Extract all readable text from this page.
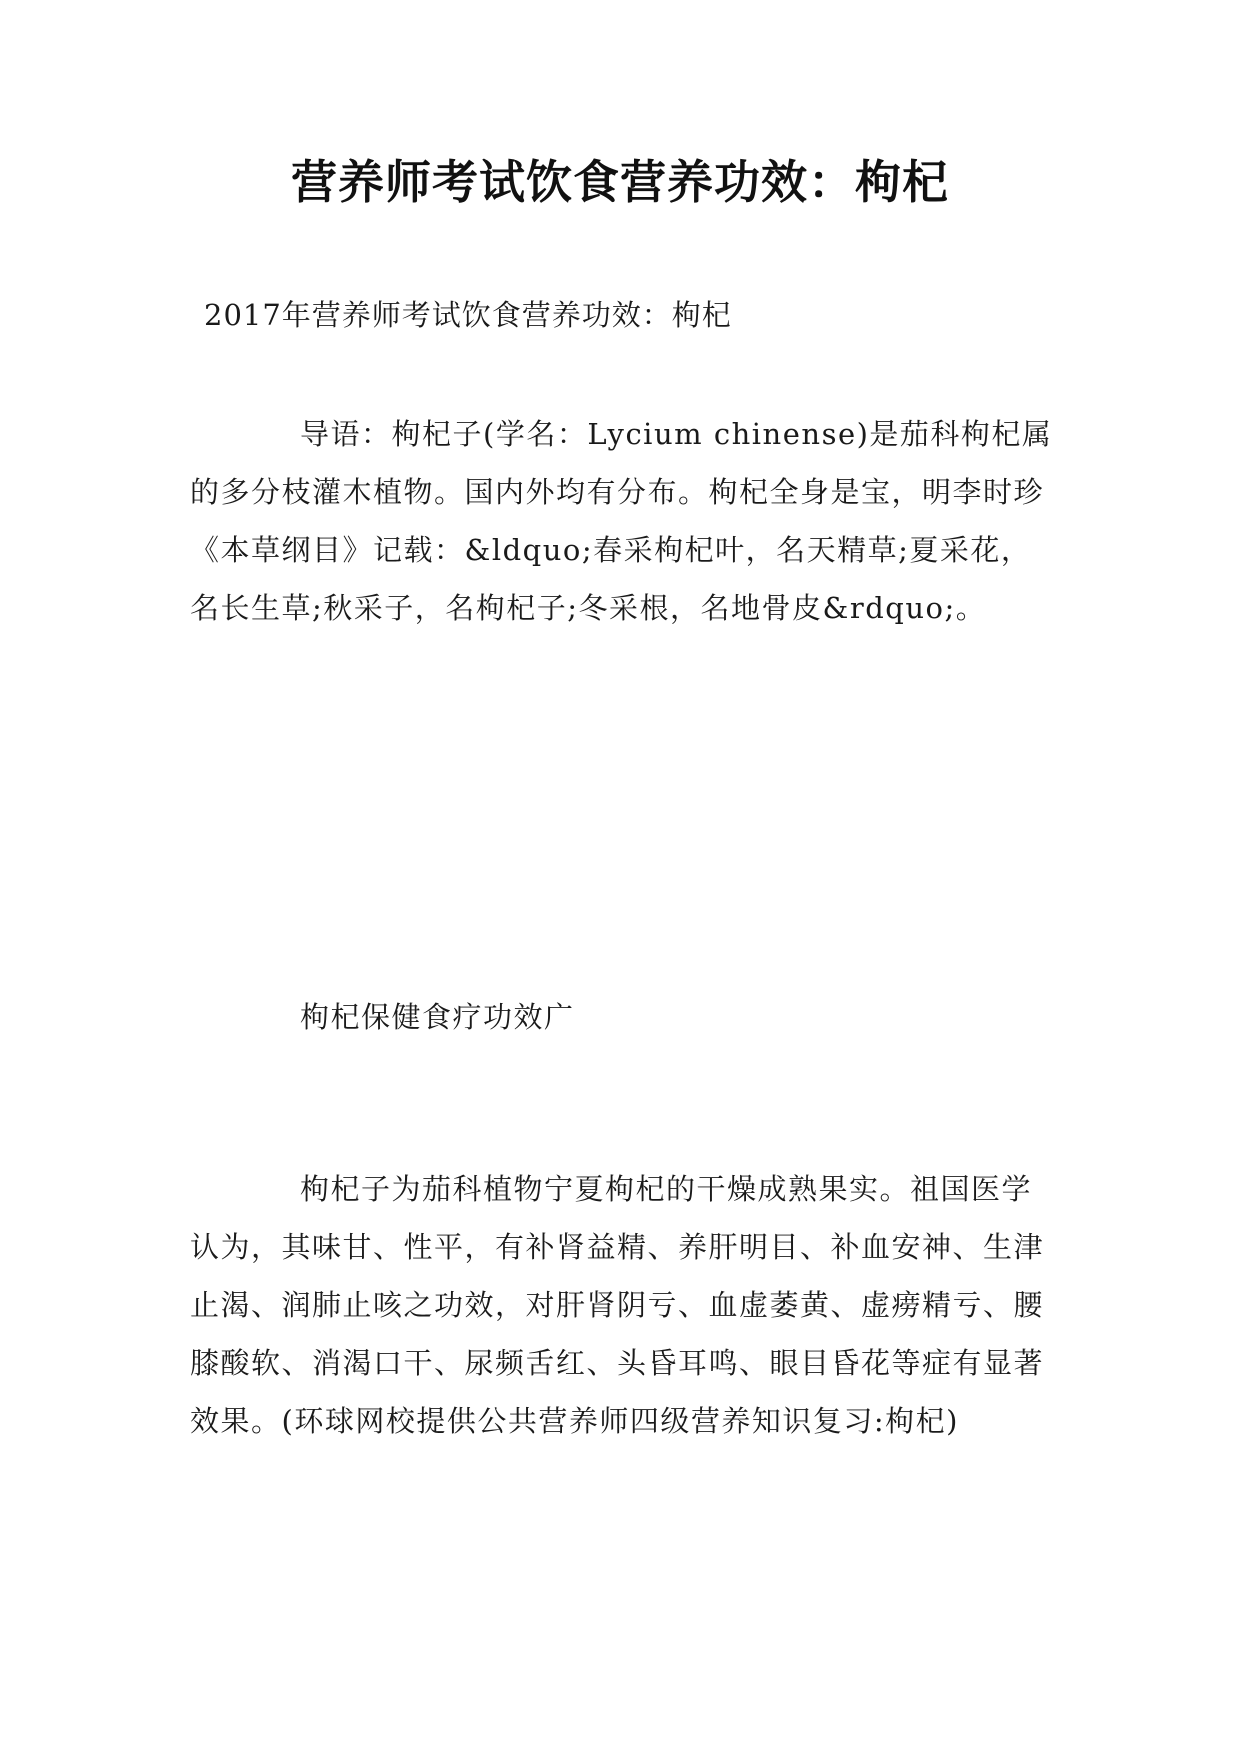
营养师考试饮食营养功效：枸杞
2017年营养师考试饮食营养功效：枸杞

导语：枸杞子(学名：Lycium chinense)是茄科枸杞属的多分枝灌木植物。国内外均有分布。枸杞全身是宝，明李时珍《本草纲目》记载：&ldquo;春采枸杞叶，名天精草;夏采花，名长生草;秋采子，名枸杞子;冬采根，名地骨皮&rdquo;。

枸杞保健食疗功效广

枸杞子为茄科植物宁夏枸杞的干燥成熟果实。祖国医学认为，其味甘、性平，有补肾益精、养肝明目、补血安神、生津止渴、润肺止咳之功效，对肝肾阴亏、血虚萎黄、虚痨精亏、腰膝酸软、消渴口干、尿频舌红、头昏耳鸣、眼目昏花等症有显著效果。(环球网校提供公共营养师四级营养知识复习:枸杞)
